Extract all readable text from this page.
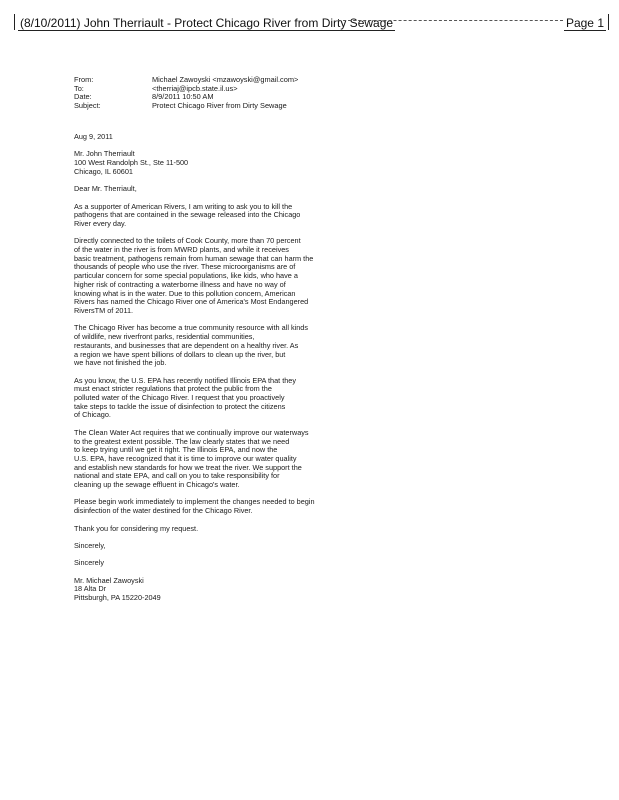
(8/10/2011) John Therriault - Protect Chicago River from Dirty Sewage	Page 1
From:	Michael Zawoyski <mzawoyski@gmail.com>
To:	<therriaj@ipcb.state.il.us>
Date:	8/9/2011 10:50 AM
Subject:	Protect Chicago River from Dirty Sewage

Aug 9, 2011

Mr. John Therriault
100 West Randolph St., Ste 11-500
Chicago, IL 60601

Dear Mr. Therriault,

As a supporter of American Rivers, I am writing to ask you to kill the
pathogens that are contained in the sewage released into the Chicago
River every day.

Directly connected to the toilets of Cook County, more than 70 percent
of the water in the river is from MWRD plants, and while it receives
basic treatment, pathogens remain from human sewage that can harm the
thousands of people who use the river. These microorganisms are of
particular concern for some special populations, like kids, who have a
higher risk of contracting a waterborne illness and have no way of
knowing what is in the water. Due to this pollution concern, American
Rivers has named the Chicago River one of America's Most Endangered
RiversTM of 2011.

The Chicago River has become a true community resource with all kinds
of wildlife, new riverfront parks, residential communities,
restaurants, and businesses that are dependent on a healthy river. As
a region we have spent billions of dollars to clean up the river, but
we have not finished the job.

As you know, the U.S. EPA has recently notified Illinois EPA that they
must enact stricter regulations that protect the public from the
polluted water of the Chicago River. I request that you proactively
take steps to tackle the issue of disinfection to protect the citizens
of Chicago.

The Clean Water Act requires that we continually improve our waterways
to the greatest extent possible. The law clearly states that we need
to keep trying until we get it right. The Illinois EPA, and now the
U.S. EPA, have recognized that it is time to improve our water quality
and establish new standards for how we treat the river. We support the
national and state EPA, and call on you to take responsibility for
cleaning up the sewage effluent in Chicago's water.

Please begin work immediately to implement the changes needed to begin
disinfection of the water destined for the Chicago River.

Thank you for considering my request.

Sincerely,

Sincerely

Mr. Michael Zawoyski
18 Alta Dr
Pittsburgh, PA 15220-2049
